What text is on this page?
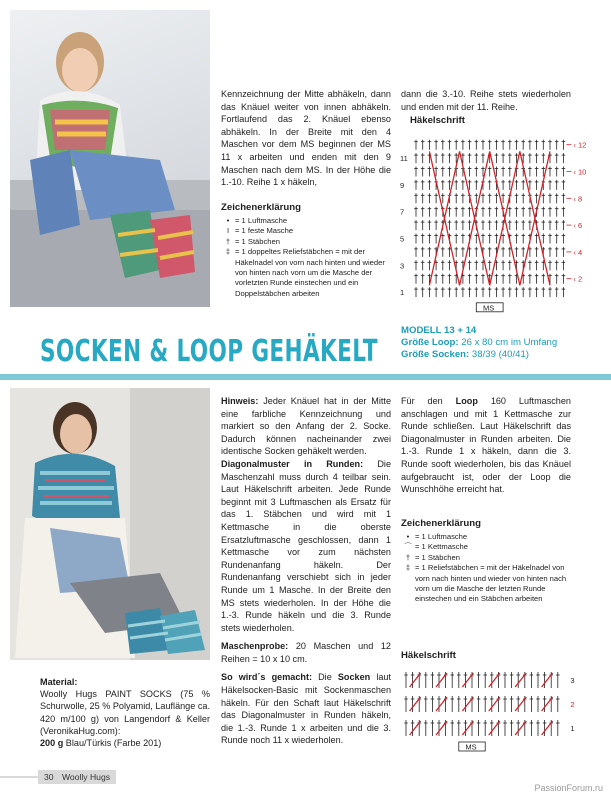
Kennzeichnung der Mitte abhäkeln, dann das Knäuel weiter von innen abhäkeln. Fortlaufend das 2. Knäuel ebenso abhäkeln. In der Breite mit den 4 Maschen vor dem MS beginnen der MS 11 x arbeiten und enden mit den 9 Maschen nach dem MS. In der Höhe die 1.-10. Reihe 1 x häkeln,

dann die 3.-10. Reihe stets wiederholen und enden mit der 11. Reihe.

Zeichenerklärung
• = 1 Luftmasche
I = 1 feste Masche
† = 1 Stäbchen
‡ = 1 doppeltes Reliefstäbchen = mit der Häkelnadel von vorn nach hinten und wieder von hinten nach vorn um die Masche der vorletzten Runde einstechen und ein Doppelstäbchen arbeiten
Häkelschrift
11
9
7
5
3
1
‹ 12
‹ 10
‹ 8
‹ 6
‹ 4
‹ 2
MS
SOCKEN & LOOP GEHÄKELT
MODELL 13 + 14
Größe Loop: 26 x 80 cm im Umfang
Größe Socken: 38/39 (40/41)

Material:

Woolly Hugs PAINT SOCKS (75 % Schurwolle, 25 % Polyamid, Lauflänge ca. 420 m/100 g) von Langendorf & Keller (VeronikaHug.com):

200 g Blau/Türkis (Farbe 201)

Hinweis: Jeder Knäuel hat in der Mitte eine farbliche Kennzeichnung und markiert so den Anfang der 2. Socke. Dadurch können nacheinander zwei identische Socken gehäkelt werden.

Diagonalmuster in Runden: Die Maschenzahl muss durch 4 teilbar sein. Laut Häkelschrift arbeiten. Jede Runde beginnt mit 3 Luftmaschen als Ersatz für das 1. Stäbchen und wird mit 1 Kettmasche in die oberste Ersatzluftmasche geschlossen, dann 1 Kettmasche vor zum nächsten Rundenanfang häkeln. Der Rundenanfang verschiebt sich in jeder Runde um 1 Masche. In der Breite den MS stets wiederholen. In der Höhe die 1.-3. Runde häkeln und die 3. Runde stets wiederholen.

Maschenprobe: 20 Maschen und 12 Reihen = 10 x 10 cm.

So wird´s gemacht: Die Socken laut Häkelsocken-Basic mit Sockenmaschen häkeln. Für den Schaft laut Häkelschrift das Diagonalmuster in Runden häkeln, die 1.-3. Runde 1 x arbeiten und die 3. Runde noch 11 x wiederholen.

Für den Loop 160 Luftmaschen anschlagen und mit 1 Kettmasche zur Runde schließen. Laut Häkelschrift das Diagonalmuster in Runden arbeiten. Die 1.-3. Runde 1 x häkeln, dann die 3. Runde sooft wiederholen, bis das Knäuel aufgebraucht ist, oder der Loop die Wunschhöhe erreicht hat.

Zeichenerklärung
• = 1 Luftmasche
⌒ = 1 Kettmasche
† = 1 Stäbchen
‡ = 1 Reliefstäbchen = mit der Häkelnadel von vorn nach hinten und wieder von hinten nach vorn um die Masche der letzten Runde einstechen und ein Stäbchen arbeiten
Häkelschrift
3
2
1
MS
30 Woolly Hugs
PassionForum.ru
